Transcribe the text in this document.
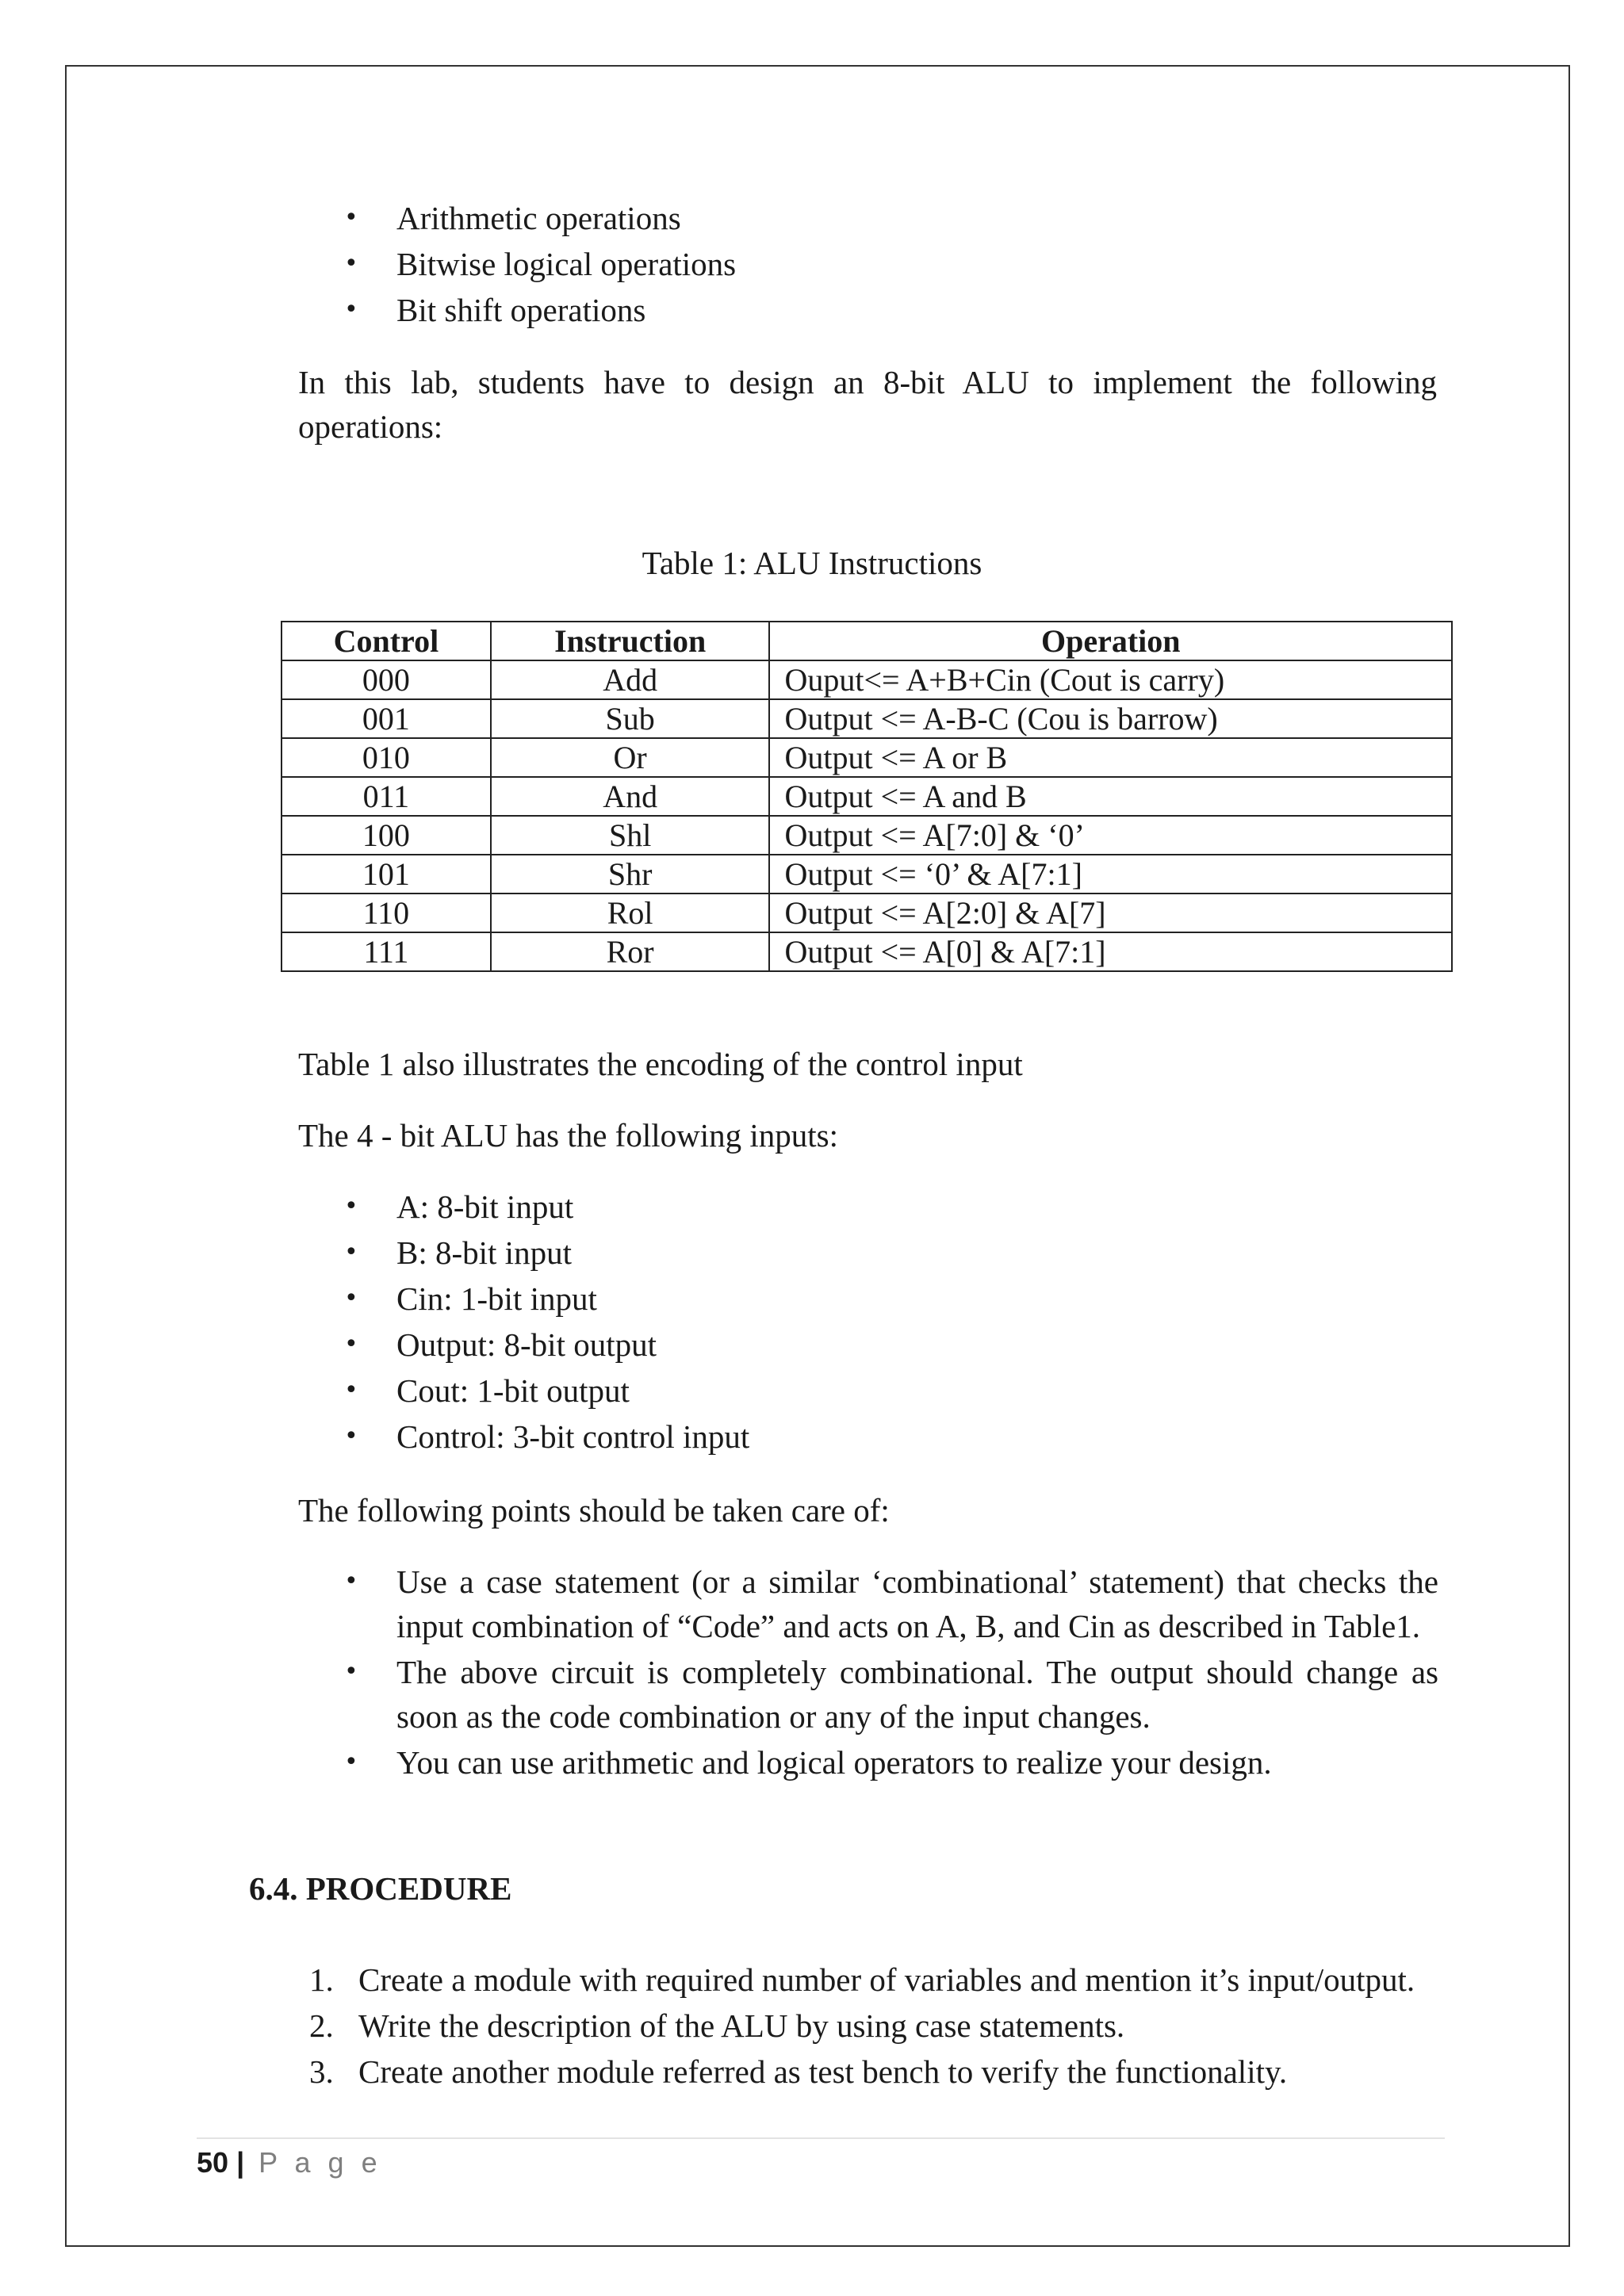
• Arithmetic operations
• Bitwise logical operations
• Bit shift operations
In this lab, students have to design an 8-bit ALU to implement the following operations:
Table 1: ALU Instructions
Control	Instruction	Operation
000	Add	Ouput<= A+B+Cin (Cout is carry)
001	Sub	Output <= A-B-C (Cou is barrow)
010	Or	Output <= A or B
011	And	Output <= A and B
100	Shl	Output <= A[7:0] & ‘0’
101	Shr	Output <= ‘0’ & A[7:1]
110	Rol	Output <= A[2:0] & A[7]
111	Ror	Output <= A[0] & A[7:1]
Table 1 also illustrates the encoding of the control input
The 4 - bit ALU has the following inputs:
• A: 8-bit input
• B: 8-bit input
• Cin: 1-bit input
• Output: 8-bit output
• Cout: 1-bit output
• Control: 3-bit control input
The following points should be taken care of:
• Use a case statement (or a similar ‘combinational’ statement) that checks the input combination of “Code” and acts on A, B, and Cin as described in Table1.
• The above circuit is completely combinational. The output should change as soon as the code combination or any of the input changes.
• You can use arithmetic and logical operators to realize your design.
6.4. PROCEDURE
1. Create a module with required number of variables and mention it’s input/output.
2. Write the description of the ALU by using case statements.
3. Create another module referred as test bench to verify the functionality.
50 | P a g e
